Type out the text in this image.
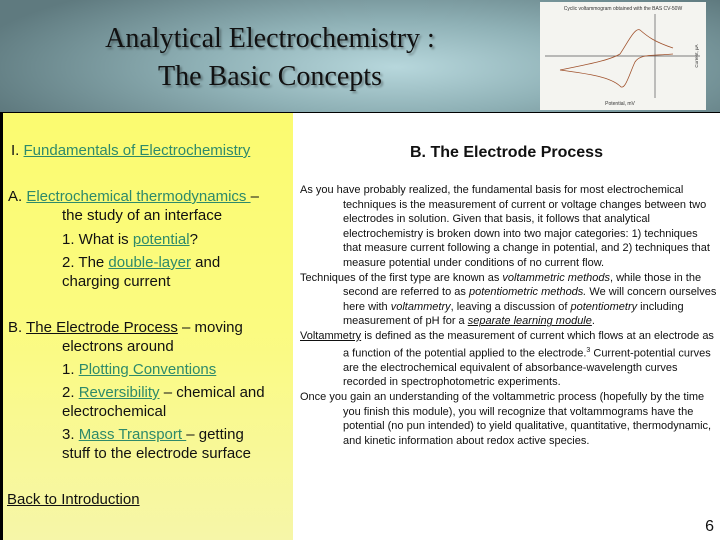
Analytical Electrochemistry :
The Basic Concepts
Cyclic voltammogram obtained with the BAS CV-50W
Potential, mV
Current, µA
I. Fundamentals of Electrochemistry
A. Electrochemical thermodynamics –
the study of an interface
1. What is potential?
2. The double-layer and
charging current
B. The Electrode Process – moving
electrons around
1. Plotting Conventions
2. Reversibility – chemical and
electrochemical
3. Mass Transport – getting
stuff to the electrode surface
Back to Introduction
B. The Electrode Process

As you have probably realized, the fundamental basis for most electrochemical techniques is the measurement of current or voltage changes between two electrodes in solution. Given that basis, it follows that analytical electrochemistry is broken down into two major categories: 1) techniques that measure current following a change in potential, and 2) techniques that measure potential under conditions of no current flow.

Techniques of the first type are known as voltammetric methods, while those in the second are referred to as potentiometric methods. We will concern ourselves here with voltammetry, leaving a discussion of potentiometry including measurement of pH for a separate learning module.

Voltammetry is defined as the measurement of current which flows at an electrode as a function of the potential applied to the electrode.$^3$ Current-potential curves are the electrochemical equivalent of absorbance-wavelength curves recorded in spectrophotometric experiments.

Once you gain an understanding of the voltammetric process (hopefully by the time you finish this module), you will recognize that voltammograms have the potential (no pun intended) to yield qualitative, quantitative, thermodynamic, and kinetic information about redox active species.

6
